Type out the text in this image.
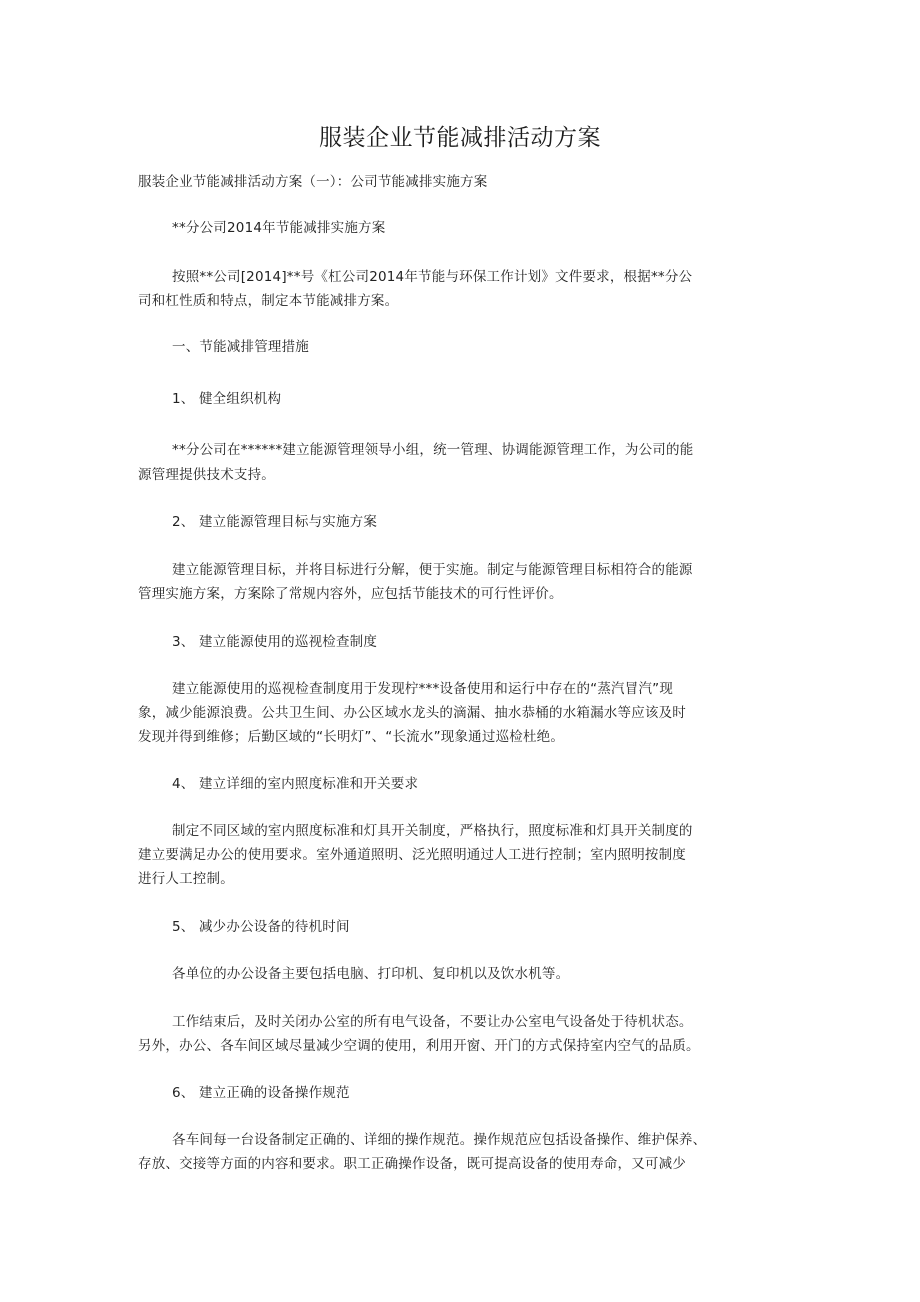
服装企业节能减排活动方案
服装企业节能减排活动方案（一）：公司节能减排实施方案
**分公司2014年节能减排实施方案
按照**公司[2014]**号《杠公司2014年节能与环保工作计划》文件要求，根据**分公
司和杠性质和特点，制定本节能减排方案。
一、节能减排管理措施
1、 健全组织机构
**分公司在******建立能源管理领导小组，统一管理、协调能源管理工作，为公司的能
源管理提供技术支持。
2、 建立能源管理目标与实施方案
建立能源管理目标，并将目标进行分解，便于实施。制定与能源管理目标相符合的能源
管理实施方案，方案除了常规内容外，应包括节能技术的可行性评价。
3、 建立能源使用的巡视检查制度
建立能源使用的巡视检查制度用于发现柠***设备使用和运行中存在的“蒸汽冒汽”现
象，减少能源浪费。公共卫生间、办公区域水龙头的滴漏、抽水恭桶的水箱漏水等应该及时
发现并得到维修；后勤区域的“长明灯”、“长流水”现象通过巡检杜绝。
4、 建立详细的室内照度标准和开关要求
制定不同区域的室内照度标准和灯具开关制度，严格执行，照度标准和灯具开关制度的
建立要满足办公的使用要求。室外通道照明、泛光照明通过人工进行控制；室内照明按制度
进行人工控制。
5、 减少办公设备的待机时间
各单位的办公设备主要包括电脑、打印机、复印机以及饮水机等。
工作结束后，及时关闭办公室的所有电气设备，不要让办公室电气设备处于待机状态。
另外，办公、各车间区域尽量减少空调的使用，利用开窗、开门的方式保持室内空气的品质。
6、 建立正确的设备操作规范
各车间每一台设备制定正确的、详细的操作规范。操作规范应包括设备操作、维护保养、
存放、交接等方面的内容和要求。职工正确操作设备，既可提高设备的使用寿命，又可减少
